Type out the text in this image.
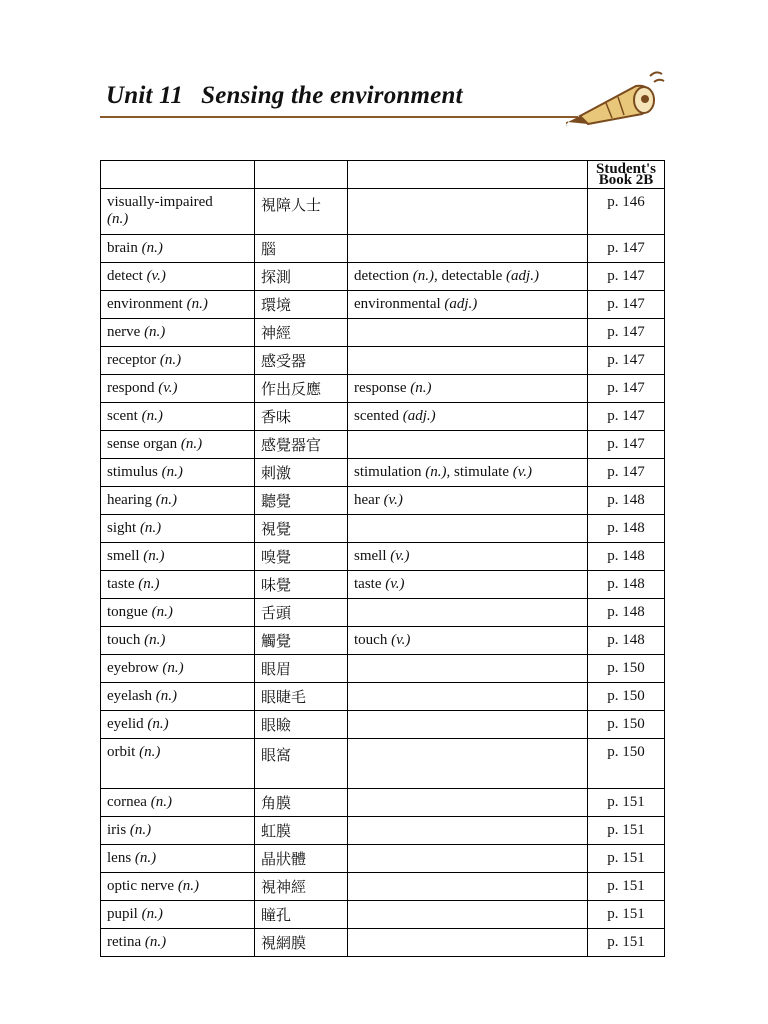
Unit 11 Sensing the environment
			Student's Book 2B
visually-impaired
(n.)	視障人士		p. 146
brain (n.)	腦		p. 147
detect (v.)	探測	detection (n.), detectable (adj.)	p. 147
environment (n.)	環境	environmental (adj.)	p. 147
nerve (n.)	神經		p. 147
receptor (n.)	感受器		p. 147
respond (v.)	作出反應	response (n.)	p. 147
scent (n.)	香味	scented (adj.)	p. 147
sense organ (n.)	感覺器官		p. 147
stimulus (n.)	刺激	stimulation (n.), stimulate (v.)	p. 147
hearing (n.)	聽覺	hear (v.)	p. 148
sight (n.)	視覺		p. 148
smell (n.)	嗅覺	smell (v.)	p. 148
taste (n.)	味覺	taste (v.)	p. 148
tongue (n.)	舌頭		p. 148
touch (n.)	觸覺	touch (v.)	p. 148
eyebrow (n.)	眼眉		p. 150
eyelash (n.)	眼睫毛		p. 150
eyelid (n.)	眼瞼		p. 150
orbit (n.)	眼窩		p. 150
cornea (n.)	角膜		p. 151
iris (n.)	虹膜		p. 151
lens (n.)	晶狀體		p. 151
optic nerve (n.)	視神經		p. 151
pupil (n.)	瞳孔		p. 151
retina (n.)	視網膜		p. 151
